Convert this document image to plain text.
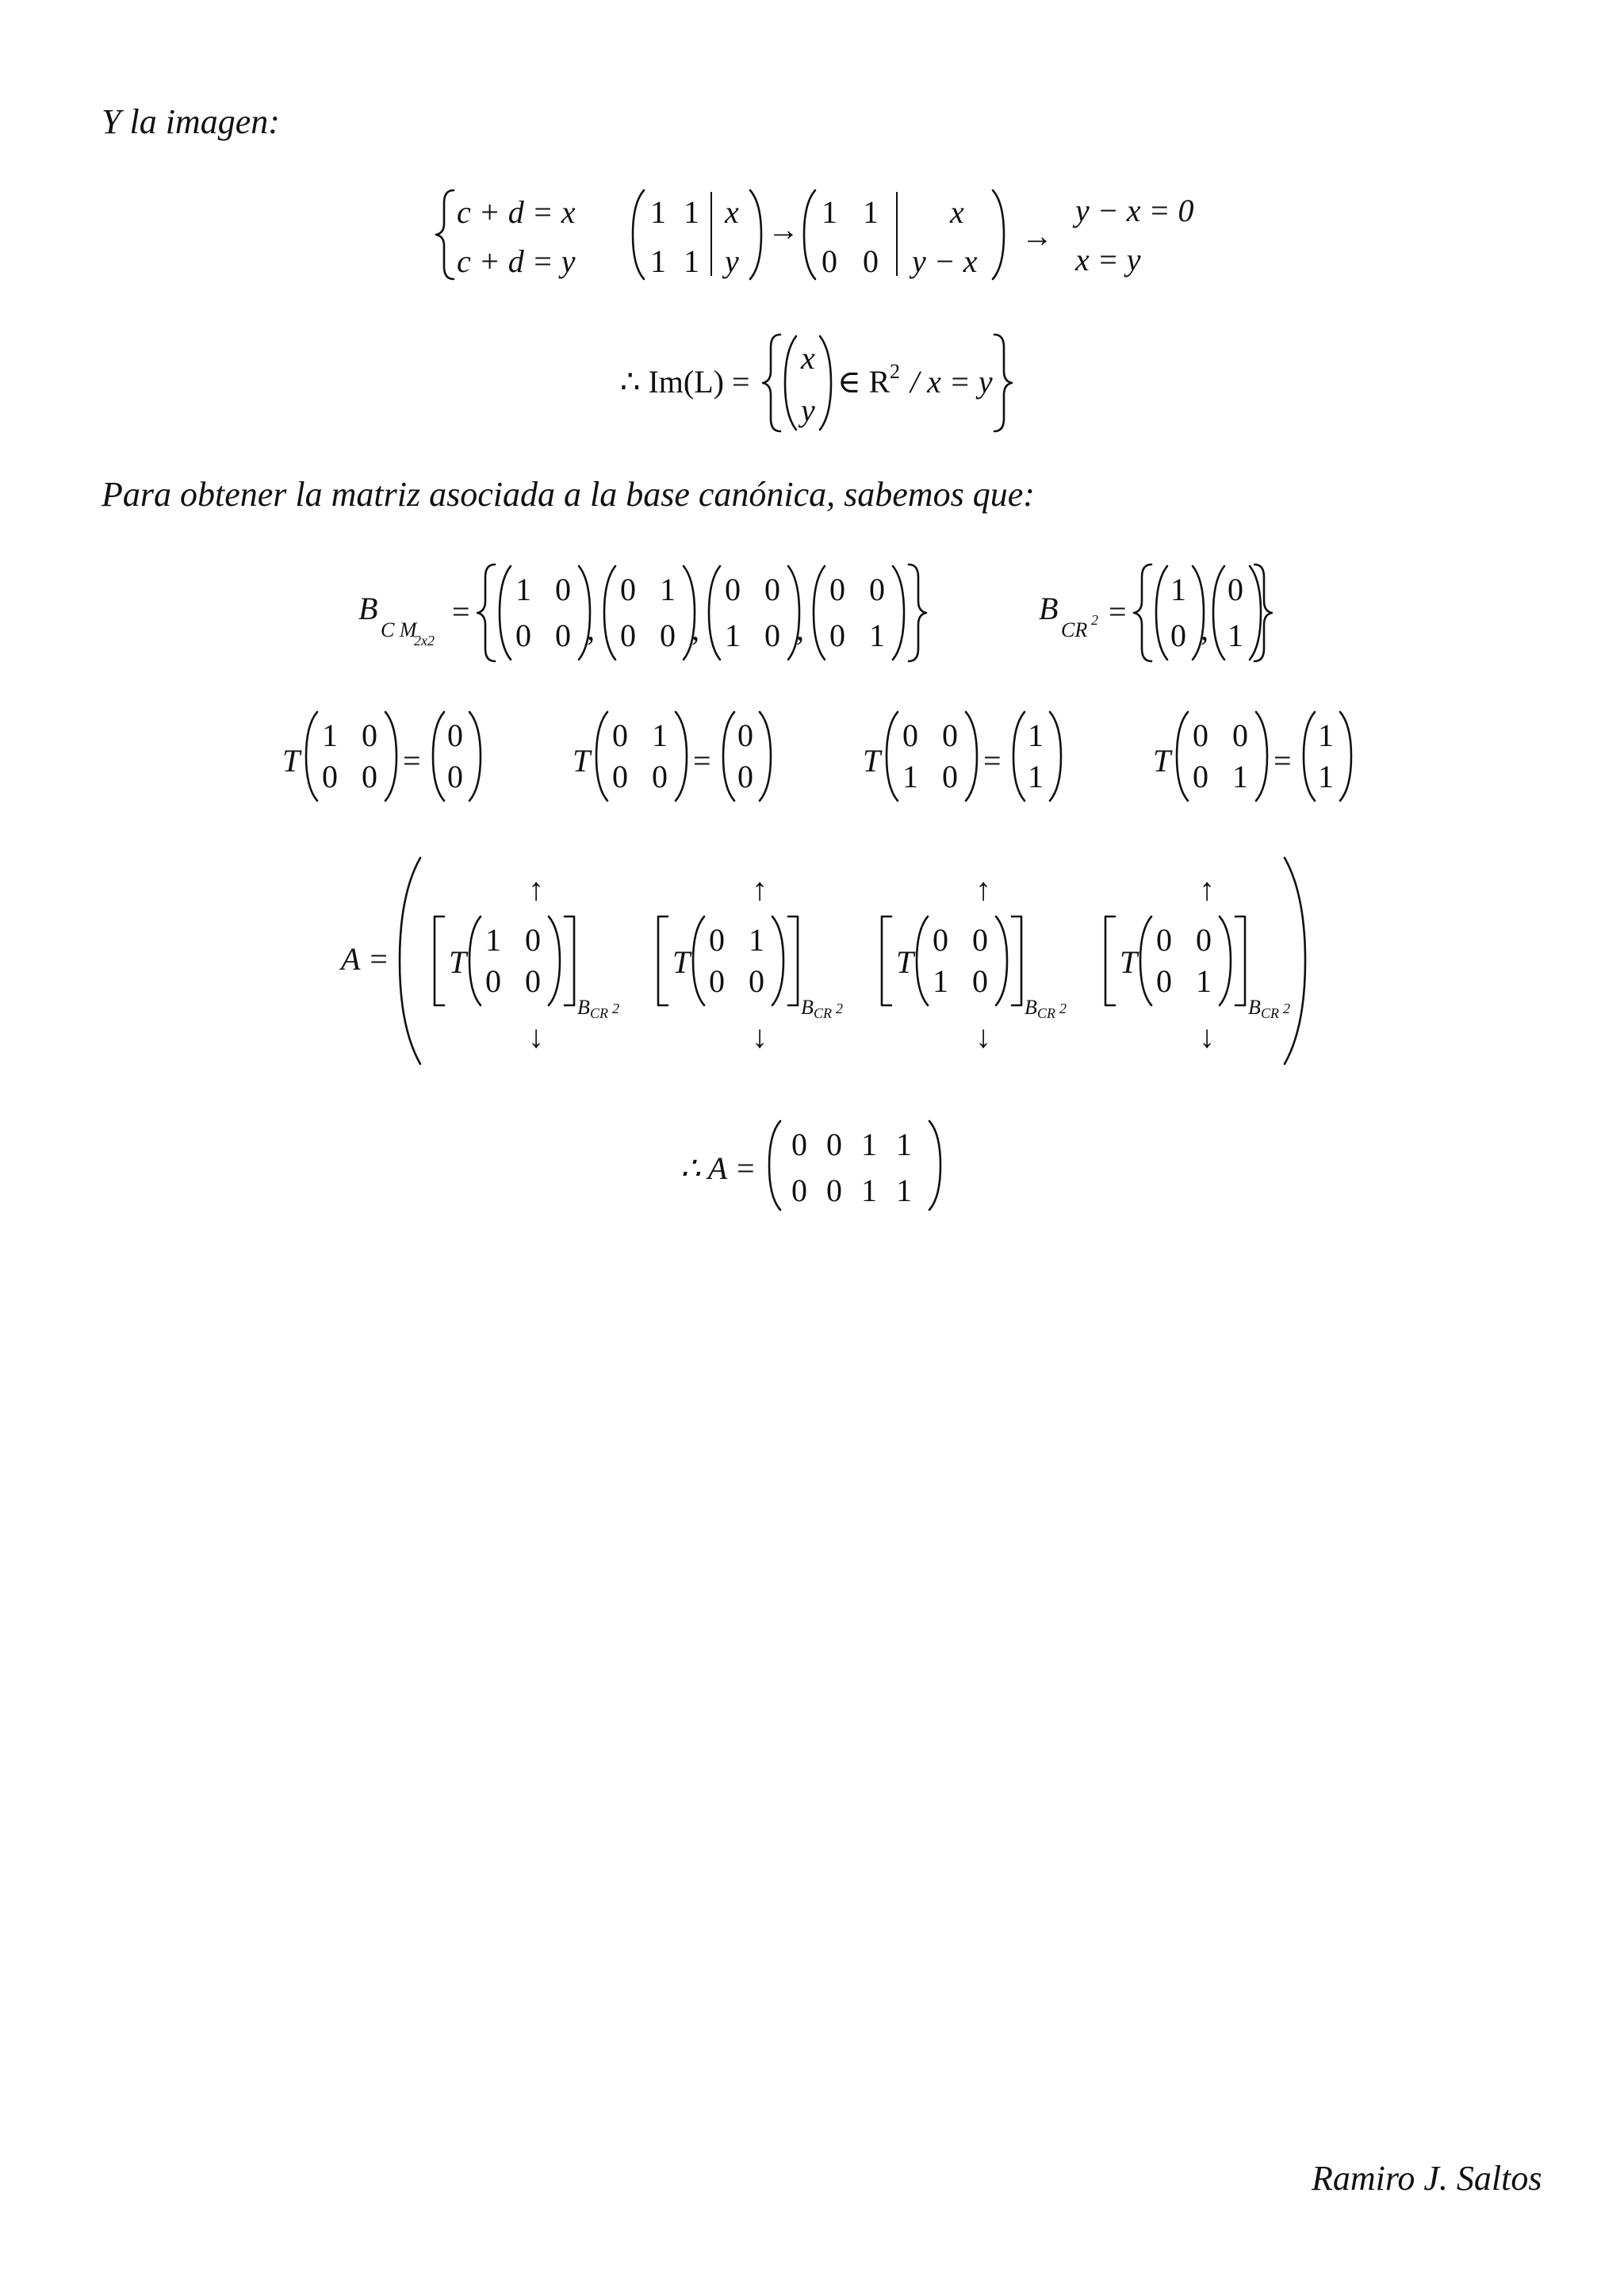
Y la imagen:
c + d = x
c + d = y
1 1 x
1 1 y
→ 1 1 x
0 0 y − x
→
y − x = 0
x = y
∴ Im(L) =
x
y
∈ R 2 / x = y
Para obtener la matriz asociada a la base canónica, sabemos que:
B
C M
2x2
=
1 0
0 0 ,
0 1
0 0 ,
0 0
1 0 ,
0 0
0 1
B
CR 2 =
1
0 ,
0
1
T
1 0
0 0 =
0
0	T
0 1
0 0 =
0
0	T
0 0
1 0 =
1
1	T
0 0
0 1 =
1
1
A =
↑
T
1 0
0 0
B CR 2
↓
↑
T
0 1
0 0
B CR 2
↓
↑
T
0 0
1 0
B CR 2
↓
↑
T
0 0
0 1
B CR 2
↓
∴ A =
0 0 1 1
0 0 1 1
Ramiro J. Saltos
